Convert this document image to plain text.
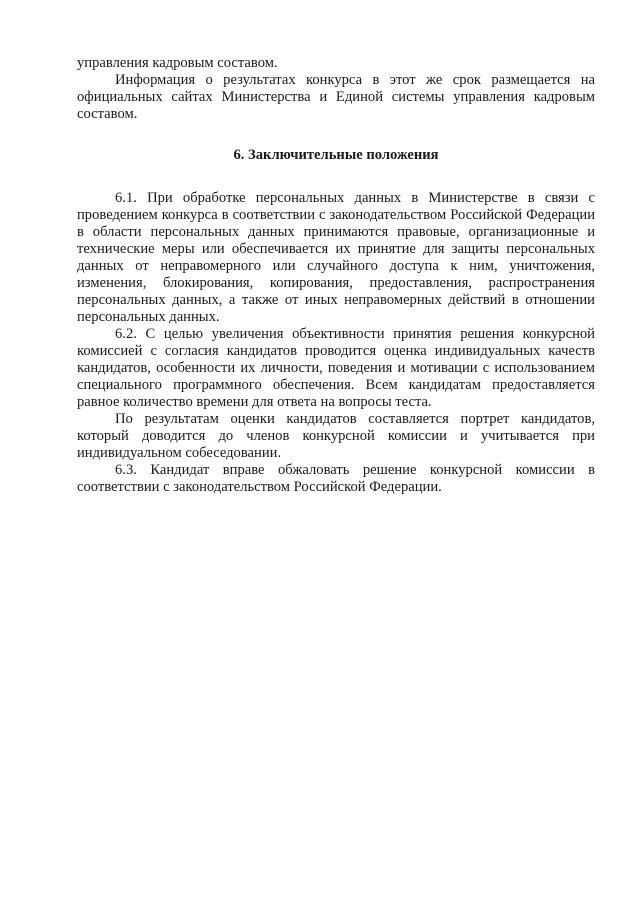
управления кадровым составом.

Информация о результатах конкурса в этот же срок размещается на официальных сайтах Министерства и Единой системы управления кадровым составом.

6. Заключительные положения

6.1. При обработке персональных данных в Министерстве в связи с проведением конкурса в соответствии с законодательством Российской Федерации в области персональных данных принимаются правовые, организационные и технические меры или обеспечивается их принятие для защиты персональных данных от неправомерного или случайного доступа к ним, уничтожения, изменения, блокирования, копирования, предоставления, распространения персональных данных, а также от иных неправомерных действий в отношении персональных данных.

6.2. С целью увеличения объективности принятия решения конкурсной комиссией с согласия кандидатов проводится оценка индивидуальных качеств кандидатов, особенности их личности, поведения и мотивации с использованием специального программного обеспечения. Всем кандидатам предоставляется равное количество времени для ответа на вопросы теста.

По результатам оценки кандидатов составляется портрет кандидатов, который доводится до членов конкурсной комиссии и учитывается при индивидуальном собеседовании.

6.3. Кандидат вправе обжаловать решение конкурсной комиссии в соответствии с законодательством Российской Федерации.
